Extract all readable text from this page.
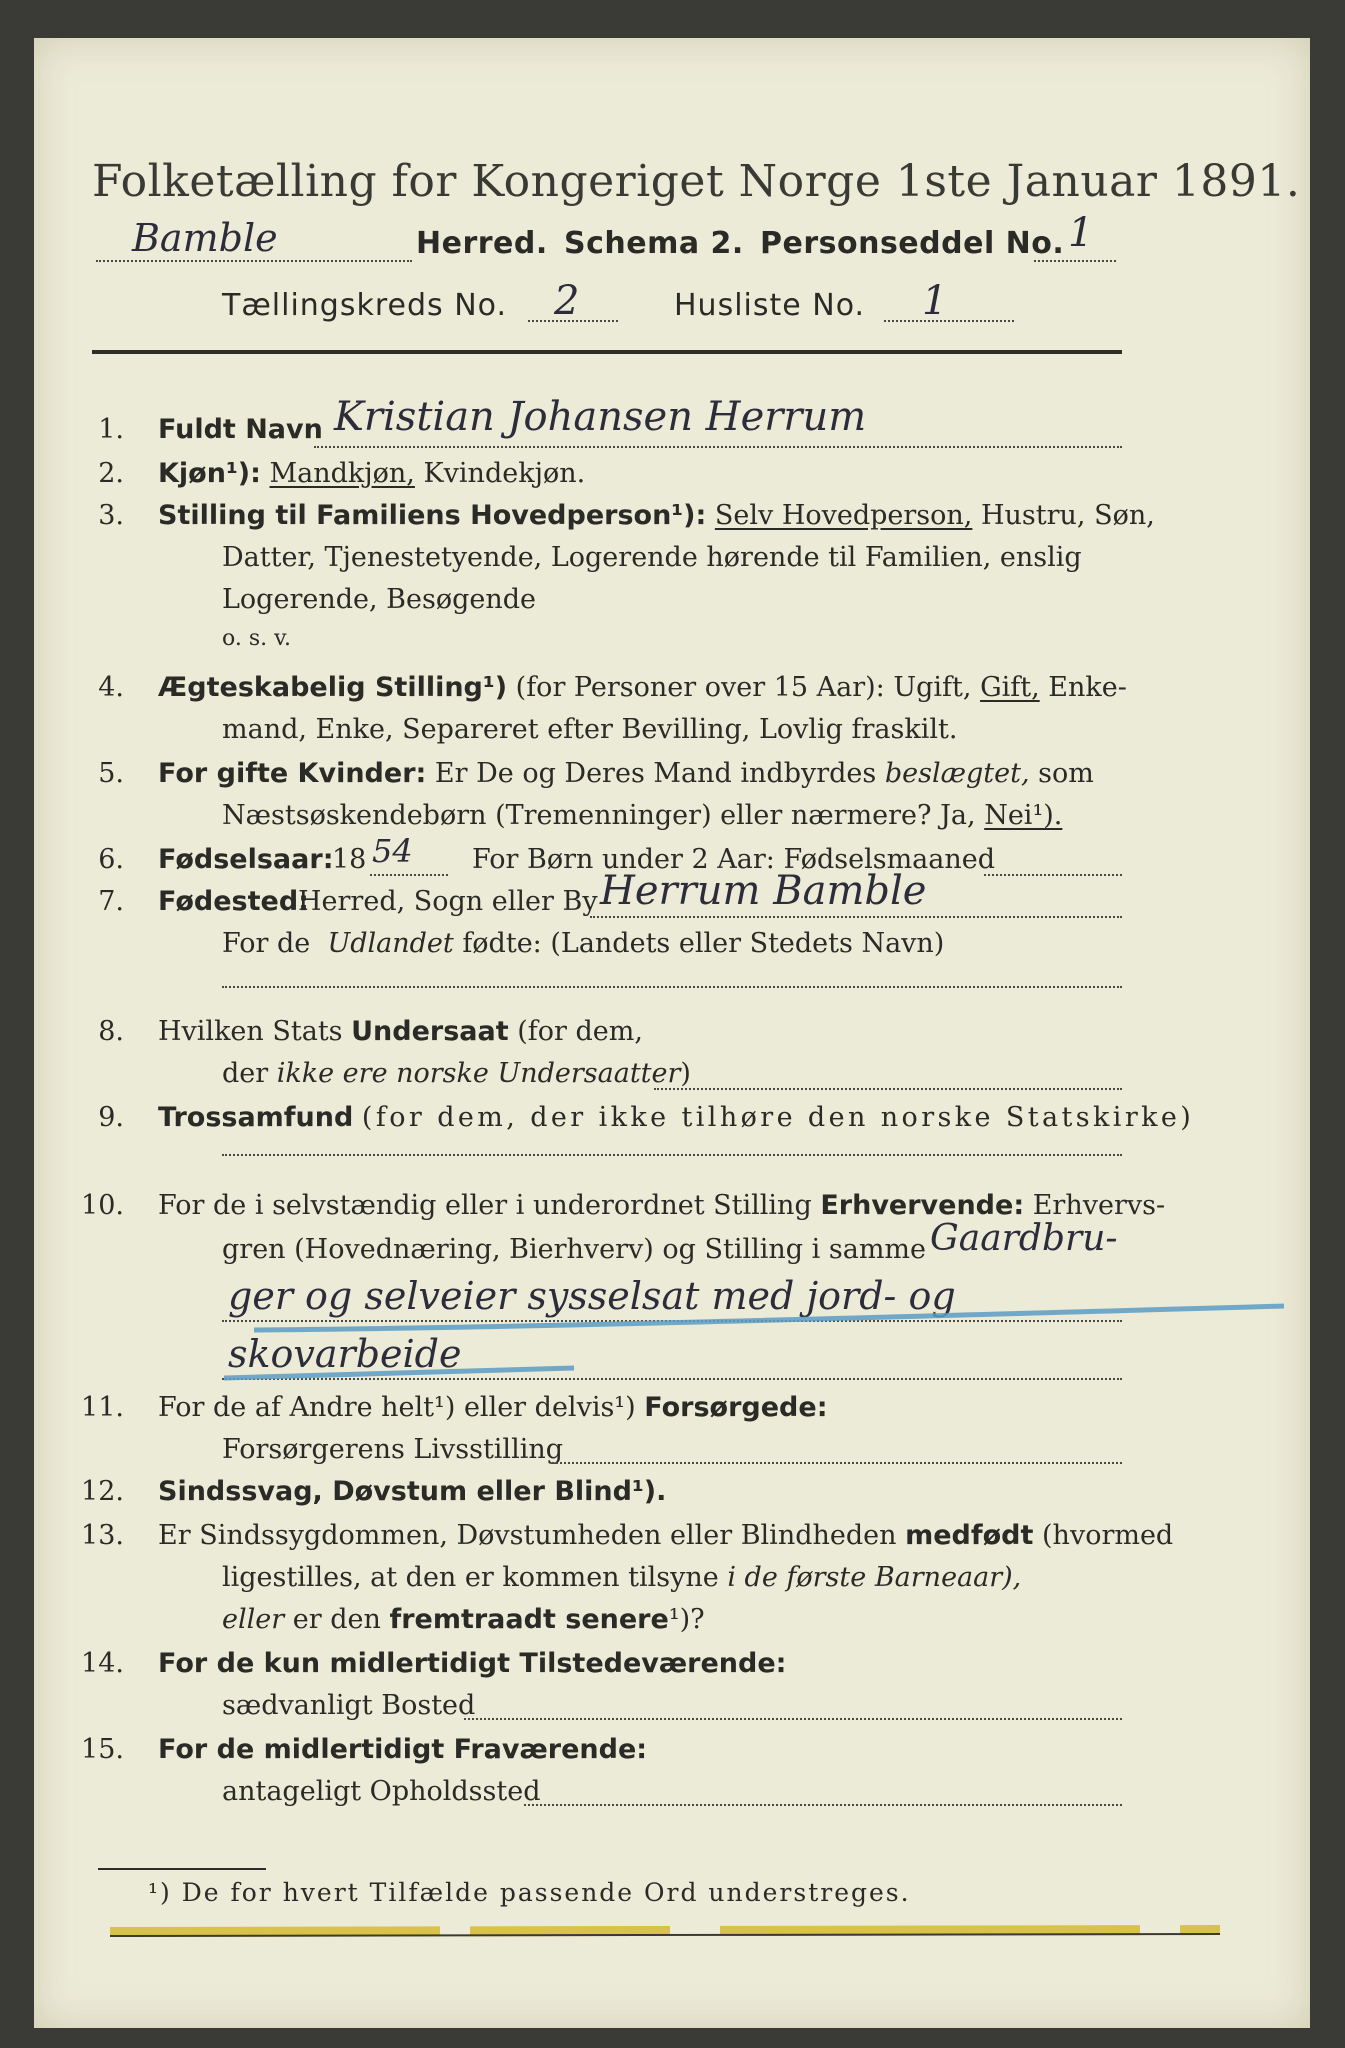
Folketælling for Kongeriget Norge 1ste Januar 1891.
Bamble	Herred. Schema 2. Personseddel No. 1
Tællingskreds No. 2	Husliste No. 1
1. Fuldt Navn Kristian Johansen Herrum
2. Kjøn¹): Mandkjøn, Kvindekjøn.
3. Stilling til Familiens Hovedperson¹): Selv Hovedperson, Hustru, Søn,
Datter, Tjenestetyende, Logerende hørende til Familien, enslig
Logerende, Besøgende
o. s. v.
4. Ægteskabelig Stilling¹) (for Personer over 15 Aar): Ugift, Gift, Enke-
mand, Enke, Separeret efter Bevilling, Lovlig fraskilt.
5. For gifte Kvinder: Er De og Deres Mand indbyrdes beslægtet, som
Næstsøskendebørn (Tremenninger) eller nærmere? Ja, Nei¹).
6. Fødselsaar:
18 54 For Børn under 2 Aar: Fødselsmaaned
7. Fødested:
Herred, Sogn eller By Herrum Bamble
For de Udlandet fødte: (Landets eller Stedets Navn)
8. Hvilken Stats Undersaat (for dem,
der ikke ere norske Undersaatter)
9. Trossamfund (for dem, der ikke tilhøre den norske Statskirke)
10. For de i selvstændig eller i underordnet Stilling Erhvervende: Erhvervs-
gren (Hovednæring, Bierhverv) og Stilling i samme Gaardbru-
ger og selveier sysselsat med jord- og
skovarbeide
11. For de af Andre helt¹) eller delvis¹) Forsørgede:
Forsørgerens Livsstilling
12. Sindssvag, Døvstum eller Blind¹).
13. Er Sindssygdommen, Døvstumheden eller Blindheden medfødt (hvormed
ligestilles, at den er kommen tilsyne i de første Barneaar),
eller er den fremtraadt senere¹)?
14. For de kun midlertidigt Tilstedeværende:
sædvanligt Bosted
15. For de midlertidigt Fraværende:
antageligt Opholdssted
¹) De for hvert Tilfælde passende Ord understreges.
